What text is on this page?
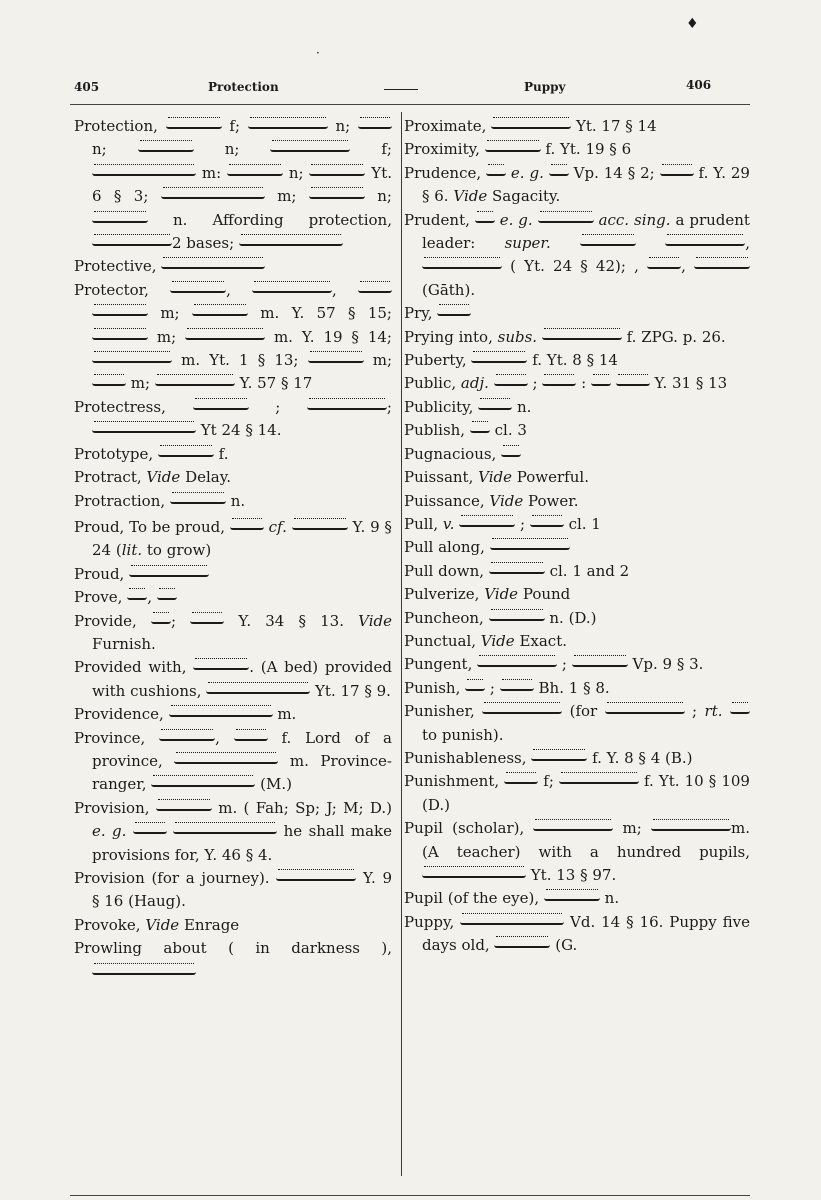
405	Protection	Puppy	406
·
♦

Protection,	f;	n;  n;	n;	f;  m:	n;	Yt. 6 § 3;	m;	n;  n. Affording protection, 2 bases;

Protective,

Protector,	,	,   m;	m. Y. 57 § 15;  m;	m. Y. 19 § 14;  m. Yt. 1 § 13;	m;  m;	Y. 57 § 17

Protectress,	;	;  Yt 24 § 14.

Prototype,	f.

Protract, Vide Delay.

Protraction,	n.

Proud, To be proud,	cf.	Y. 9 § 24 (lit. to grow)

Proud,

Prove, ,

Provide, ;	Y. 34 § 13. Vide Furnish.

Provided with,	. (A bed) provided with cushions,	Yt. 17 § 9.

Providence,	m.

Province,	,	f. Lord of a province,	m. Province-ranger,	(M.)

Provision,	m. ( Fah; Sp; J; M; D.) e. g.	he shall make provisions for, Y. 46 § 4.

Provision (for a journey).	Y. 9 § 16 (Haug).

Provoke, Vide Enrage

Prowling about ( in darkness ),

Proximate,	Yt. 17 § 14

Proximity,	f. Yt. 19 § 6

Prudence, e. g. Vp. 14 § 2;	f. Y. 29 § 6. Vide Sagacity.

Prudent, e. g.	acc. sing. a prudent leader: super.	,  ( Yt. 24 § 42); ,	,  (Gāth).

Pry,

Prying into, subs.	f. ZPG. p. 26.

Puberty,	f. Yt. 8 § 14

Public, adj.	;	:	Y. 31 § 13

Publicity,	n.

Publish, cl. 3

Pugnacious,

Puissant, Vide Powerful.

Puissance, Vide Power.

Pull, v.	;	cl. 1

Pull along,

Pull down,	cl. 1 and 2

Pulverize, Vide Pound

Puncheon,	n. (D.)

Punctual, Vide Exact.

Pungent,	;	Vp. 9 § 3.

Punish, ;	Bh. 1 § 8.

Punisher,	(for	; rt.  to punish).

Punishableness,	f. Y. 8 § 4 (B.)

Punishment,	f;	f. Yt. 10 § 109 (D.)

Pupil (scholar),	m;	m. (A teacher) with a hundred pupils,  Yt. 13 § 97.

Pupil (of the eye),	n.

Puppy,	Vd. 14 § 16. Puppy five days old,	(G.
